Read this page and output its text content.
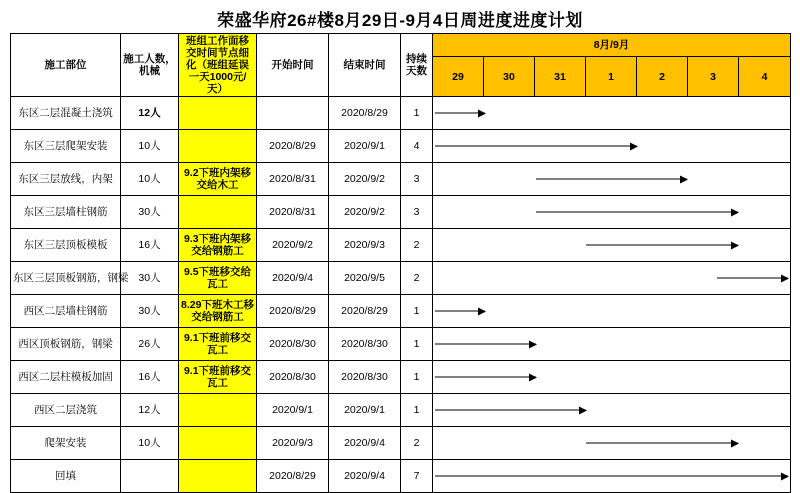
荣盛华府26#楼8月29日-9月4日周进度进度计划
施工部位	施工人数，机械	班组工作面移交时间节点细化（班组延误一天1000元/ 天）	开始时间	结束时间	持续天数	8月/9月						
						29	30	31	1	2	3	4
东区二层混凝土浇筑	12人			2020/8/29	1							

东区三层爬架安装	10人		2020/8/29	2020/9/1	4							

东区三层放线，内架	10人	9.2下班内架移交给木工	2020/8/31	2020/9/2	3							

东区三层墙柱钢筋	30人		2020/8/31	2020/9/2	3							

东区三层顶板模板	16人	9.3下班内架移交给钢筋工	2020/9/2	2020/9/3	2							

东区三层顶板钢筋，钢梁	30人	9.5下班移交给瓦工	2020/9/4	2020/9/5	2							

西区二层墙柱钢筋	30人	8.29下班木工移交给钢筋工	2020/8/29	2020/8/29	1							

西区顶板钢筋，钢梁	26人	9.1下班前移交瓦工	2020/8/30	2020/8/30	1							

西区二层柱模板加固	16人	9.1下班前移交瓦工	2020/8/30	2020/8/30	1							

西区二层浇筑	12人		2020/9/1	2020/9/1	1							

爬架安装	10人		2020/9/3	2020/9/4	2							

回填			2020/8/29	2020/9/4	7							
